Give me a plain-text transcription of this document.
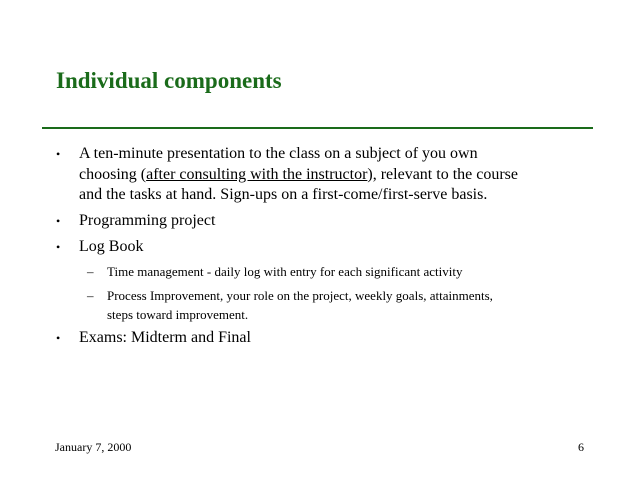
Individual components
• A ten-minute presentation to the class on a subject of you own
choosing (after consulting with the instructor), relevant to the course
and the tasks at hand. Sign-ups on a first-come/first-serve basis.
• Programming project
• Log Book
– Time management - daily log with entry for each significant activity
– Process Improvement, your role on the project, weekly goals, attainments,
steps toward improvement.
• Exams: Midterm and Final
January 7, 2000	6
